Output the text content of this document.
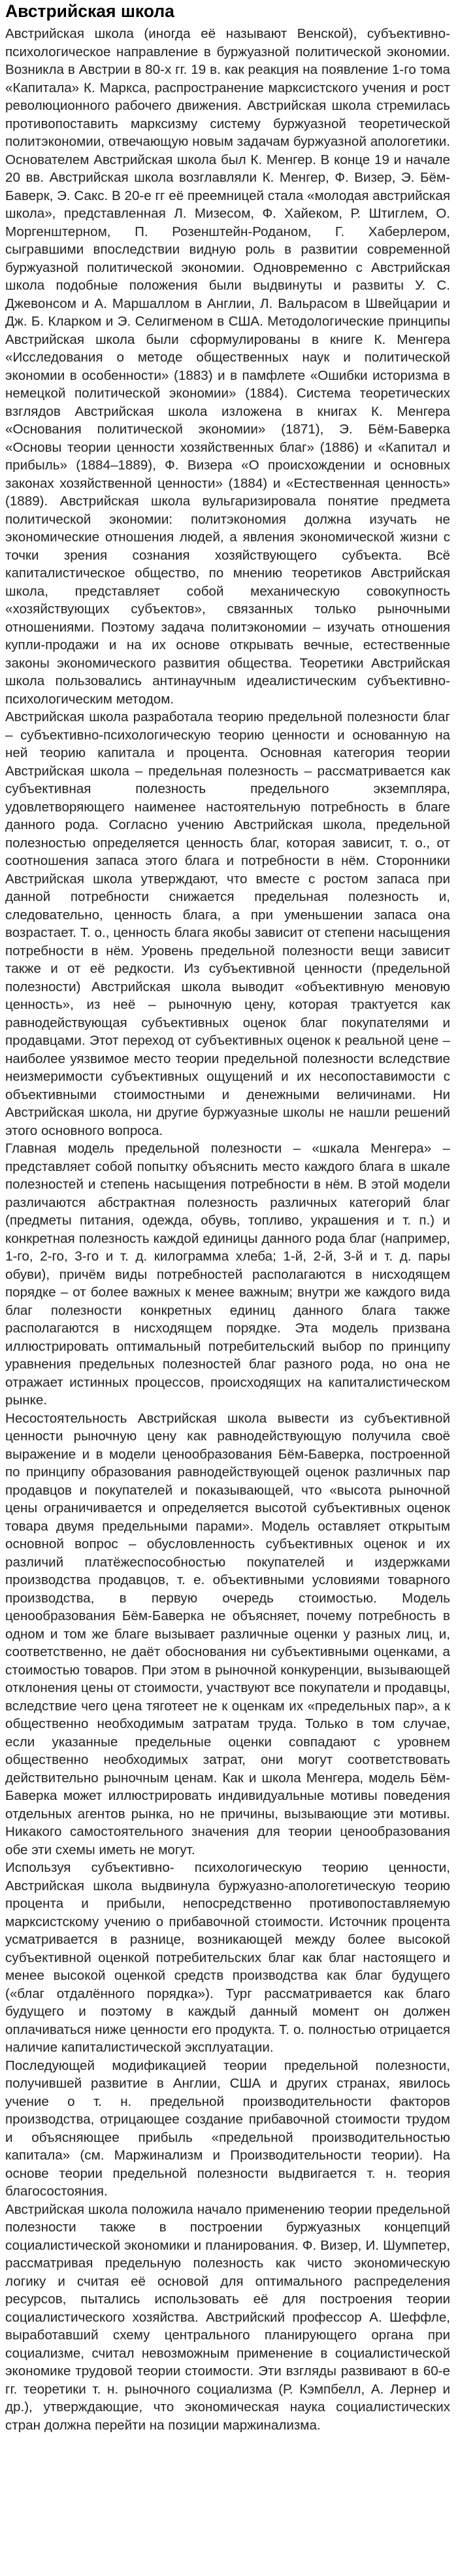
Австрийская школа

Австрийская школа (иногда её называют Венской), субъективно-психологическое направление в буржуазной политической экономии. Возникла в Австрии в 80-х гг. 19 в. как реакция на появление 1-го тома «Капитала» К. Маркса, распространение марксистского учения и рост революционного рабочего движения. Австрийская школа стремилась противопоставить марксизму систему буржуазной теоретической политэкономии, отвечающую новым задачам буржуазной апологетики. Основателем Австрийская школа был К. Менгер. В конце 19 и начале 20 вв. Австрийская школа возглавляли К. Менгер, Ф. Визер, Э. Бём-Баверк, Э. Сакс. В 20-е гг её преемницей стала «молодая австрийская школа», представленная Л. Мизесом, Ф. Хайеком, Р. Штиглем, О. Моргенштерном, П. Розенштейн-Роданом, Г. Хаберлером, сыгравшими впоследствии видную роль в развитии современной буржуазной политической экономии. Одновременно с Австрийская школа подобные положения были выдвинуты и развиты У. С. Джевонсом и А. Маршаллом в Англии, Л. Вальрасом в Швейцарии и Дж. Б. Кларком и Э. Селигменом в США. Методологические принципы Австрийская школа были сформулированы в книге К. Менгера «Исследования о методе общественных наук и политической экономии в особенности» (1883) и в памфлете «Ошибки историзма в немецкой политической экономии» (1884). Система теоретических взглядов Австрийская школа изложена в книгах К. Менгера «Основания политической экономии» (1871), Э. Бём-Баверка «Основы теории ценности хозяйственных благ» (1886) и «Капитал и прибыль» (1884–1889), Ф. Визера «О происхождении и основных законах хозяйственной ценности» (1884) и «Естественная ценность» (1889). Австрийская школа вульгаризировала понятие предмета политической экономии: политэкономия должна изучать не экономические отношения людей, а явления экономической жизни с точки зрения сознания хозяйствующего субъекта. Всё капиталистическое общество, по мнению теоретиков Австрийская школа, представляет собой механическую совокупность «хозяйствующих субъектов», связанных только рыночными отношениями. Поэтому задача политэкономии – изучать отношения купли-продажи и на их основе открывать вечные, естественные законы экономического развития общества. Теоретики Австрийская школа пользовались антинаучным идеалистическим субъективно-психологическим методом.

Австрийская школа разработала теорию предельной полезности благ – субъективно-психологическую теорию ценности и основанную на ней теорию капитала и процента. Основная категория теории Австрийская школа – предельная полезность – рассматривается как субъективная полезность предельного экземпляра, удовлетворяющего наименее настоятельную потребность в благе данного рода. Согласно учению Австрийская школа, предельной полезностью определяется ценность благ, которая зависит, т. о., от соотношения запаса этого блага и потребности в нём. Сторонники Австрийская школа утверждают, что вместе с ростом запаса при данной потребности снижается предельная полезность и, следовательно, ценность блага, а при уменьшении запаса она возрастает. Т. о., ценность блага якобы зависит от степени насыщения потребности в нём. Уровень предельной полезности вещи зависит также и от её редкости. Из субъективной ценности (предельной полезности) Австрийская школа выводит «объективную меновую ценность», из неё – рыночную цену, которая трактуется как равнодействующая субъективных оценок благ покупателями и продавцами. Этот переход от субъективных оценок к реальной цене – наиболее уязвимое место теории предельной полезности вследствие неизмеримости субъективных ощущений и их несопоставимости с объективными стоимостными и денежными величинами. Ни Австрийская школа, ни другие буржуазные школы не нашли решений этого основного вопроса.

Главная модель предельной полезности – «шкала Менгера» – представляет собой попытку объяснить место каждого блага в шкале полезностей и степень насыщения потребности в нём. В этой модели различаются абстрактная полезность различных категорий благ (предметы питания, одежда, обувь, топливо, украшения и т. п.) и конкретная полезность каждой единицы данного рода благ (например, 1-го, 2-го, 3-го и т. д. килограмма хлеба; 1-й, 2-й, 3-й и т. д. пары обуви), причём виды потребностей располагаются в нисходящем порядке – от более важных к менее важным; внутри же каждого вида благ полезности конкретных единиц данного блага также располагаются в нисходящем порядке. Эта модель призвана иллюстрировать оптимальный потребительский выбор по принципу уравнения предельных полезностей благ разного рода, но она не отражает истинных процессов, происходящих на капиталистическом рынке.

Несостоятельность Австрийская школа вывести из субъективной ценности рыночную цену как равнодействующую получила своё выражение и в модели ценообразования Бём-Баверка, построенной по принципу образования равнодействующей оценок различных пар продавцов и покупателей и показывающей, что «высота рыночной цены ограничивается и определяется высотой субъективных оценок товара двумя предельными парами». Модель оставляет открытым основной вопрос – обусловленность субъективных оценок и их различий платёжеспособностью покупателей и издержками производства продавцов, т. е. объективными условиями товарного производства, в первую очередь стоимостью. Модель ценообразования Бём-Баверка не объясняет, почему потребность в одном и том же благе вызывает различные оценки у разных лиц, и, соответственно, не даёт обоснования ни субъективными оценками, а стоимостью товаров. При этом в рыночной конкуренции, вызывающей отклонения цены от стоимости, участвуют все покупатели и продавцы, вследствие чего цена тяготеет не к оценкам их «предельных пар», а к общественно необходимым затратам труда. Только в том случае, если указанные предельные оценки совпадают с уровнем общественно необходимых затрат, они могут соответствовать действительно рыночным ценам. Как и школа Менгера, модель Бём-Баверка может иллюстрировать индивидуальные мотивы поведения отдельных агентов рынка, но не причины, вызывающие эти мотивы. Никакого самостоятельного значения для теории ценообразования обе эти схемы иметь не могут.

Используя субъективно- психологическую теорию ценности, Австрийская школа выдвинула буржуазно-апологетическую теорию процента и прибыли, непосредственно противопоставляемую марксистскому учению о прибавочной стоимости. Источник процента усматривается в разнице, возникающей между более высокой субъективной оценкой потребительских благ как благ настоящего и менее высокой оценкой средств производства как благ будущего («благ отдалённого порядка»). Тург рассматривается как благо будущего и поэтому в каждый данный момент он должен оплачиваться ниже ценности его продукта. Т. о. полностью отрицается наличие капиталистической эксплуатации.

Последующей модификацией теории предельной полезности, получившей развитие в Англии, США и других странах, явилось учение о т. н. предельной производительности факторов производства, отрицающее создание прибавочной стоимости трудом и объясняющее прибыль «предельной производительностью капитала» (см. Маржинализм и Производительности теории). На основе теории предельной полезности выдвигается т. н. теория благосостояния.

Австрийская школа положила начало применению теории предельной полезности также в построении буржуазных концепций социалистической экономики и планирования. Ф. Визер, И. Шумпетер, рассматривая предельную полезность как чисто экономическую логику и считая её основой для оптимального распределения ресурсов, пытались использовать её для построения теории социалистического хозяйства. Австрийский профессор А. Шеффле, выработавший схему центрального планирующего органа при социализме, считал невозможным применение в социалистической экономике трудовой теории стоимости. Эти взгляды развивают в 60-е гг. теоретики т. н. рыночного социализма (Р. Кэмпбелл, А. Лернер и др.), утверждающие, что экономическая наука социалистических стран должна перейти на позиции маржинализма.
